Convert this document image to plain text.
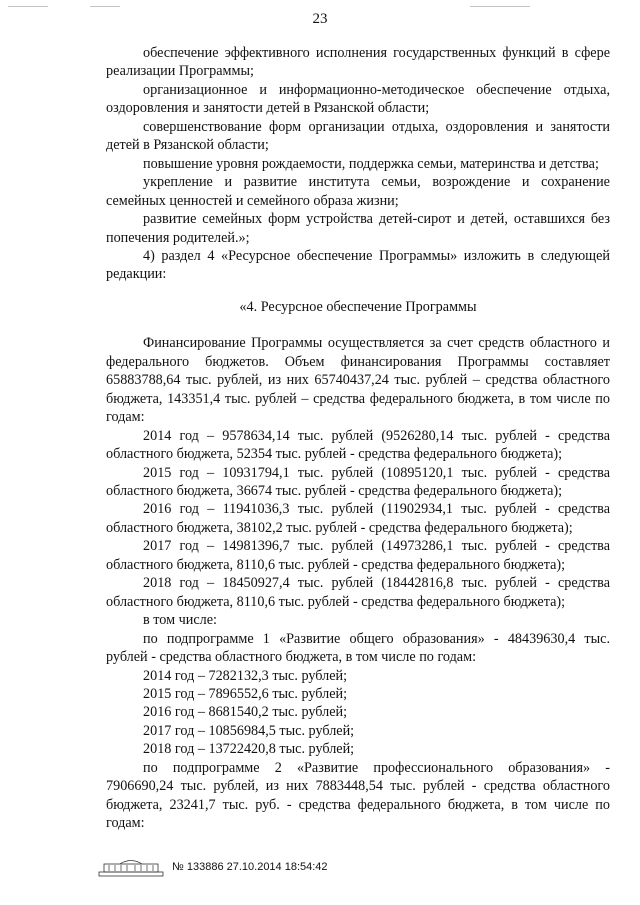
23

обеспечение эффективного исполнения государственных функций в сфере реализации Программы;

организационное и информационно-методическое обеспечение отдыха, оздоровления и занятости детей в Рязанской области;

совершенствование форм организации отдыха, оздоровления и занятости детей в Рязанской области;

повышение уровня рождаемости, поддержка семьи, материнства и детства;

укрепление и развитие института семьи, возрождение и сохранение семейных ценностей и семейного образа жизни;

развитие семейных форм устройства детей-сирот и детей, оставшихся без попечения родителей.»;

4) раздел 4 «Ресурсное обеспечение Программы» изложить в следующей редакции:

«4. Ресурсное обеспечение Программы

Финансирование Программы осуществляется за счет средств областного и федерального бюджетов. Объем финансирования Программы составляет 65883788,64 тыс. рублей, из них 65740437,24 тыс. рублей – средства областного бюджета, 143351,4 тыс. рублей – средства федерального бюджета, в том числе по годам:

2014 год – 9578634,14 тыс. рублей (9526280,14 тыс. рублей - средства областного бюджета, 52354 тыс. рублей - средства федерального бюджета);

2015 год – 10931794,1 тыс. рублей (10895120,1 тыс. рублей - средства областного бюджета, 36674 тыс. рублей - средства федерального бюджета);

2016 год – 11941036,3 тыс. рублей (11902934,1 тыс. рублей - средства областного бюджета, 38102,2 тыс. рублей - средства федерального бюджета);

2017 год – 14981396,7 тыс. рублей (14973286,1 тыс. рублей - средства областного бюджета, 8110,6 тыс. рублей - средства федерального бюджета);

2018 год – 18450927,4 тыс. рублей (18442816,8 тыс. рублей - средства областного бюджета, 8110,6 тыс. рублей - средства федерального бюджета);

в том числе:

по подпрограмме 1 «Развитие общего образования» - 48439630,4 тыс. рублей - средства областного бюджета, в том числе по годам:

2014 год – 7282132,3 тыс. рублей;

2015 год – 7896552,6 тыс. рублей;

2016 год – 8681540,2 тыс. рублей;

2017 год – 10856984,5 тыс. рублей;

2018 год – 13722420,8 тыс. рублей;

по подпрограмме 2 «Развитие профессионального образования» - 7906690,24 тыс. рублей, из них 7883448,54 тыс. рублей - средства областного бюджета, 23241,7 тыс. руб. - средства федерального бюджета, в том числе по годам:

№ 133886 27.10.2014 18:54:42
